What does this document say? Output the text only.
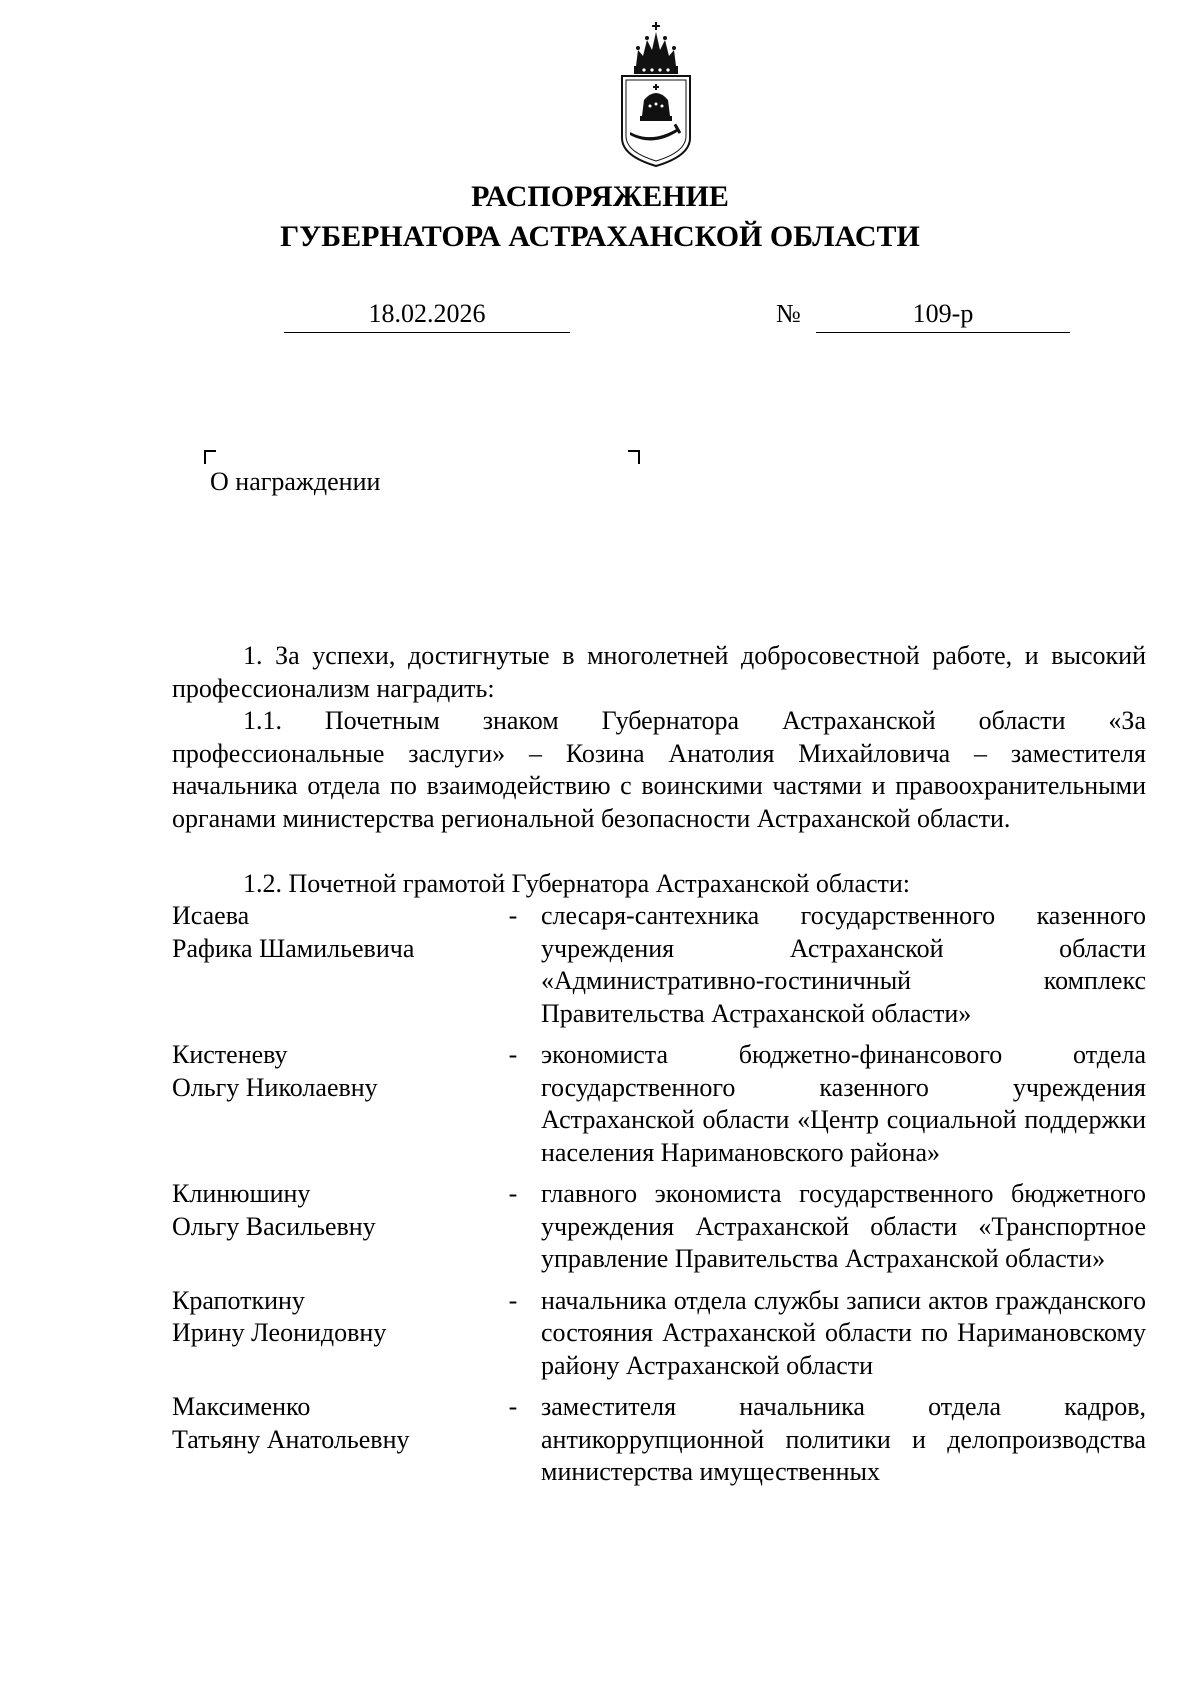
РАСПОРЯЖЕНИЕ
ГУБЕРНАТОРА АСТРАХАНСКОЙ ОБЛАСТИ
18.02.2026	№	109-р
О награждении
1. За успехи, достигнутые в многолетней добросовестной работе, и высокий профессионализм наградить:
1.1. Почетным знаком Губернатора Астраханской области «За профессиональные заслуги» – Козина Анатолия Михайловича – заместителя начальника отдела по взаимодействию с воинскими частями и правоохранительными органами министерства региональной безопасности Астраханской области.
1.2. Почетной грамотой Губернатора Астраханской области:
Исаева
Рафика Шамильевича
- слесаря-сантехника государственного казенного учреждения Астраханской области «Административно-гостиничный комплекс Правительства Астраханской области»
Кистеневу
Ольгу Николаевну
- экономиста бюджетно-финансового отдела государственного казенного учреждения Астраханской области «Центр социальной поддержки населения Наримановского района»
Клинюшину
Ольгу Васильевну
- главного экономиста государственного бюджетного учреждения Астраханской области «Транспортное управление Правительства Астраханской области»
Крапоткину
Ирину Леонидовну
- начальника отдела службы записи актов гражданского состояния Астраханской области по Наримановскому району Астраханской области
Максименко
Татьяну Анатольевну
- заместителя начальника отдела кадров, антикоррупционной политики и делопроизводства министерства имущественных
